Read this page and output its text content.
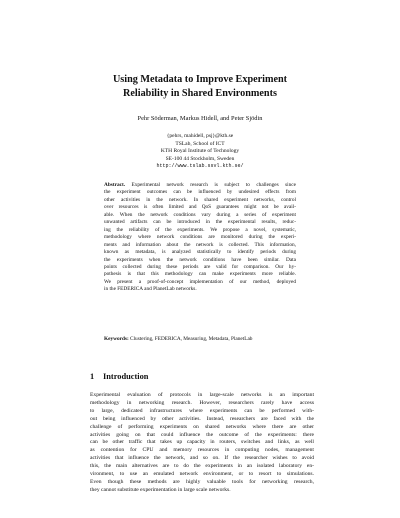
Using Metadata to Improve Experiment
Reliability in Shared Environments
Pehr Söderman, Markus Hidell, and Peter Sjödin
{pehrs, mahidell, psj}@kth.se
TSLab, School of ICT
KTH Royal Institute of Technology
SE-100 44 Stockholm, Sweden
http://www.tslab.ssvl.kth.se/
Abstract. Experimental network research is subject to challenges since
the experiment outcomes can be influenced by undesired effects from
other activities in the network. In shared experiment networks, control
over resources is often limited and QoS guarantees might not be avail-
able. When the network conditions vary during a series of experiment
unwanted artifacts can be introduced in the experimental results, reduc-
ing the reliability of the experiments. We propose a novel, systematic,
methodology where network conditions are monitored during the experi-
ments and information about the network is collected. This information,
known as metadata, is analyzed statistically to identify periods during
the experiments when the network conditions have been similar. Data
points collected during these periods are valid for comparison. Our hy-
pothesis is that this methodology can make experiments more reliable.
We present a proof-of-concept implementation of our method, deployed
in the FEDERICA and PlanetLab networks.
Keywords: Clustering, FEDERICA, Measuring, Metadata, PlanetLab
1 Introduction
Experimental evaluation of protocols in large-scale networks is an important
methodology in networking research. However, researchers rarely have access
to large, dedicated infrastructures where experiments can be performed with-
out being influenced by other activities. Instead, researchers are faced with the
challenge of performing experiments on shared networks where there are other
activities going on that could influence the outcome of the experiments: there
can be other traffic that takes up capacity in routers, switches and links, as well
as contention for CPU and memory resources in computing nodes, management
activities that influence the network, and so on. If the researcher wishes to avoid
this, the main alternatives are to do the experiments in an isolated laboratory en-
vironment, to use an emulated network environment, or to resort to simulations.
Even though these methods are highly valuable tools for networking research,
they cannot substitute experimentation in large scale networks.
